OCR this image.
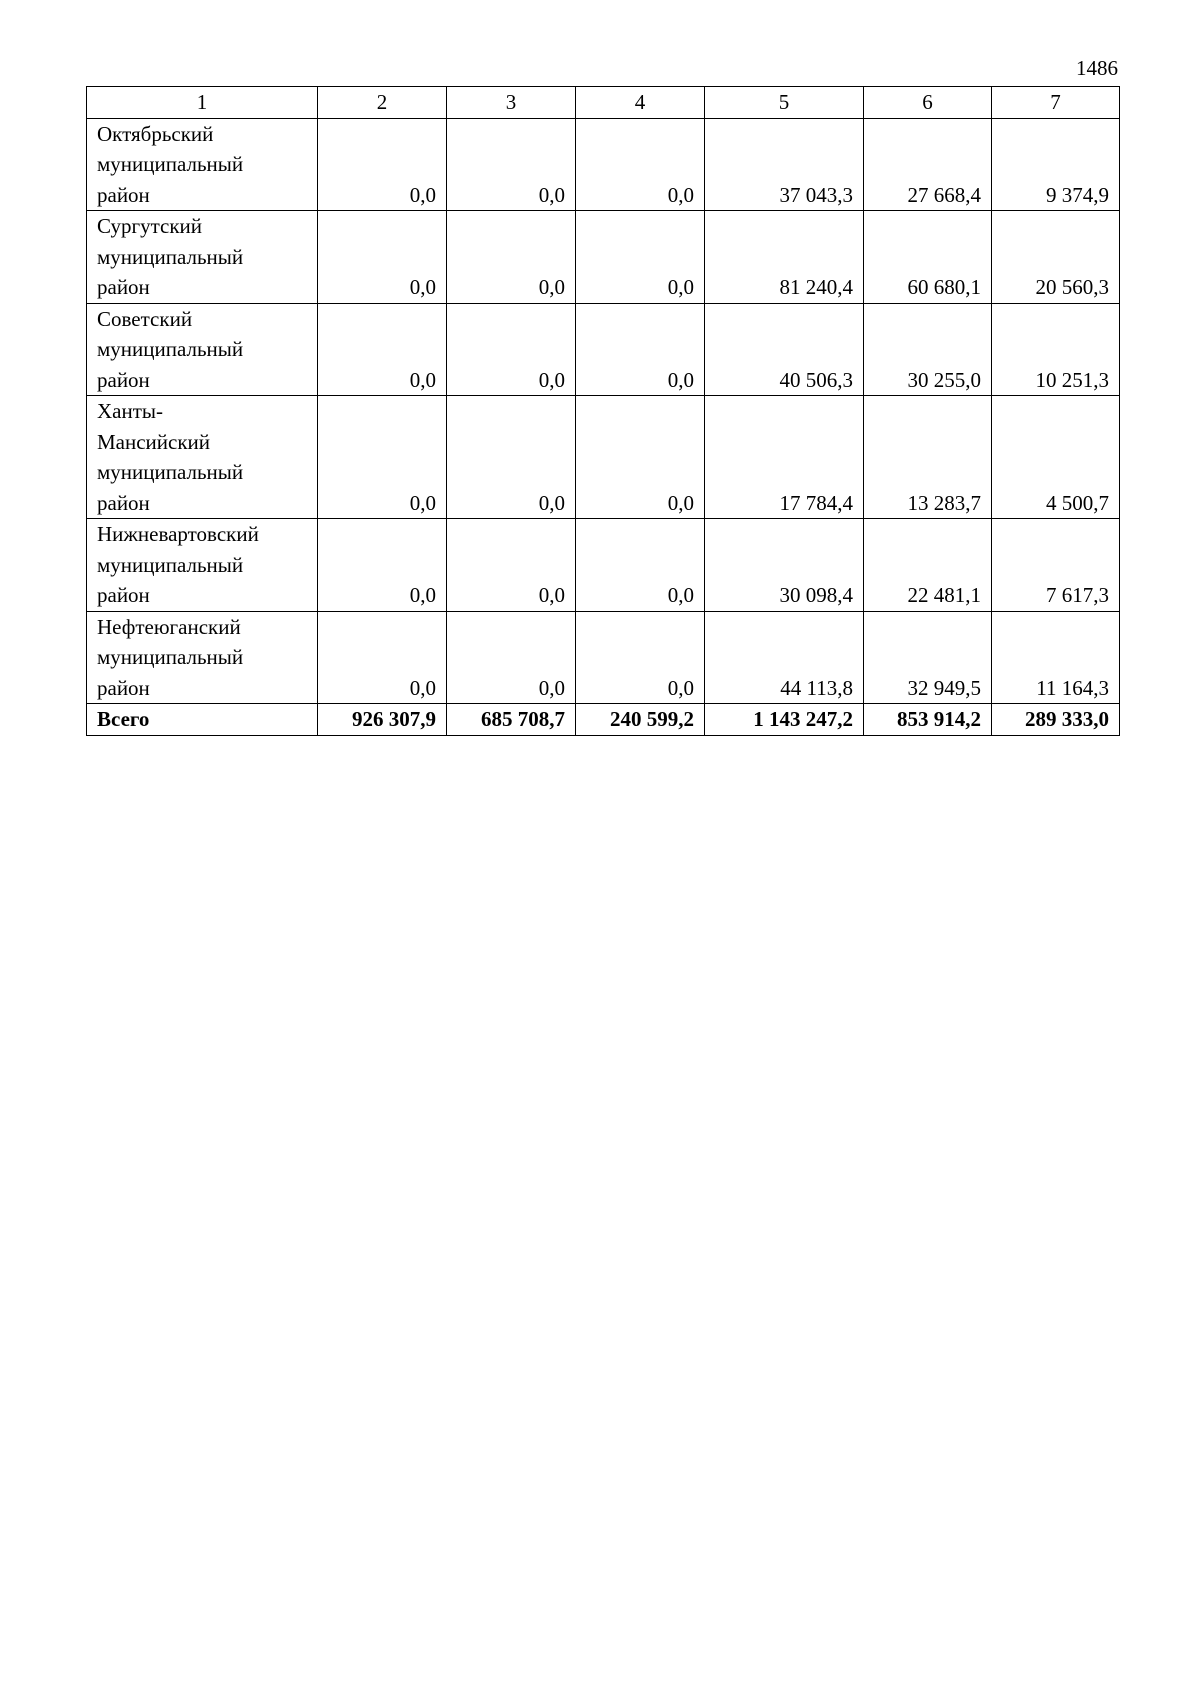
1486
1	2	3	4	5	6	7
Октябрьский
муниципальный
район	0,0	0,0	0,0	37 043,3	27 668,4	9 374,9
Сургутский
муниципальный
район	0,0	0,0	0,0	81 240,4	60 680,1	20 560,3
Советский
муниципальный
район	0,0	0,0	0,0	40 506,3	30 255,0	10 251,3
Ханты-
Мансийский
муниципальный
район	0,0	0,0	0,0	17 784,4	13 283,7	4 500,7
Нижневартовский
муниципальный
район	0,0	0,0	0,0	30 098,4	22 481,1	7 617,3
Нефтеюганский
муниципальный
район	0,0	0,0	0,0	44 113,8	32 949,5	11 164,3
Всего	926 307,9	685 708,7	240 599,2	1 143 247,2	853 914,2	289 333,0
